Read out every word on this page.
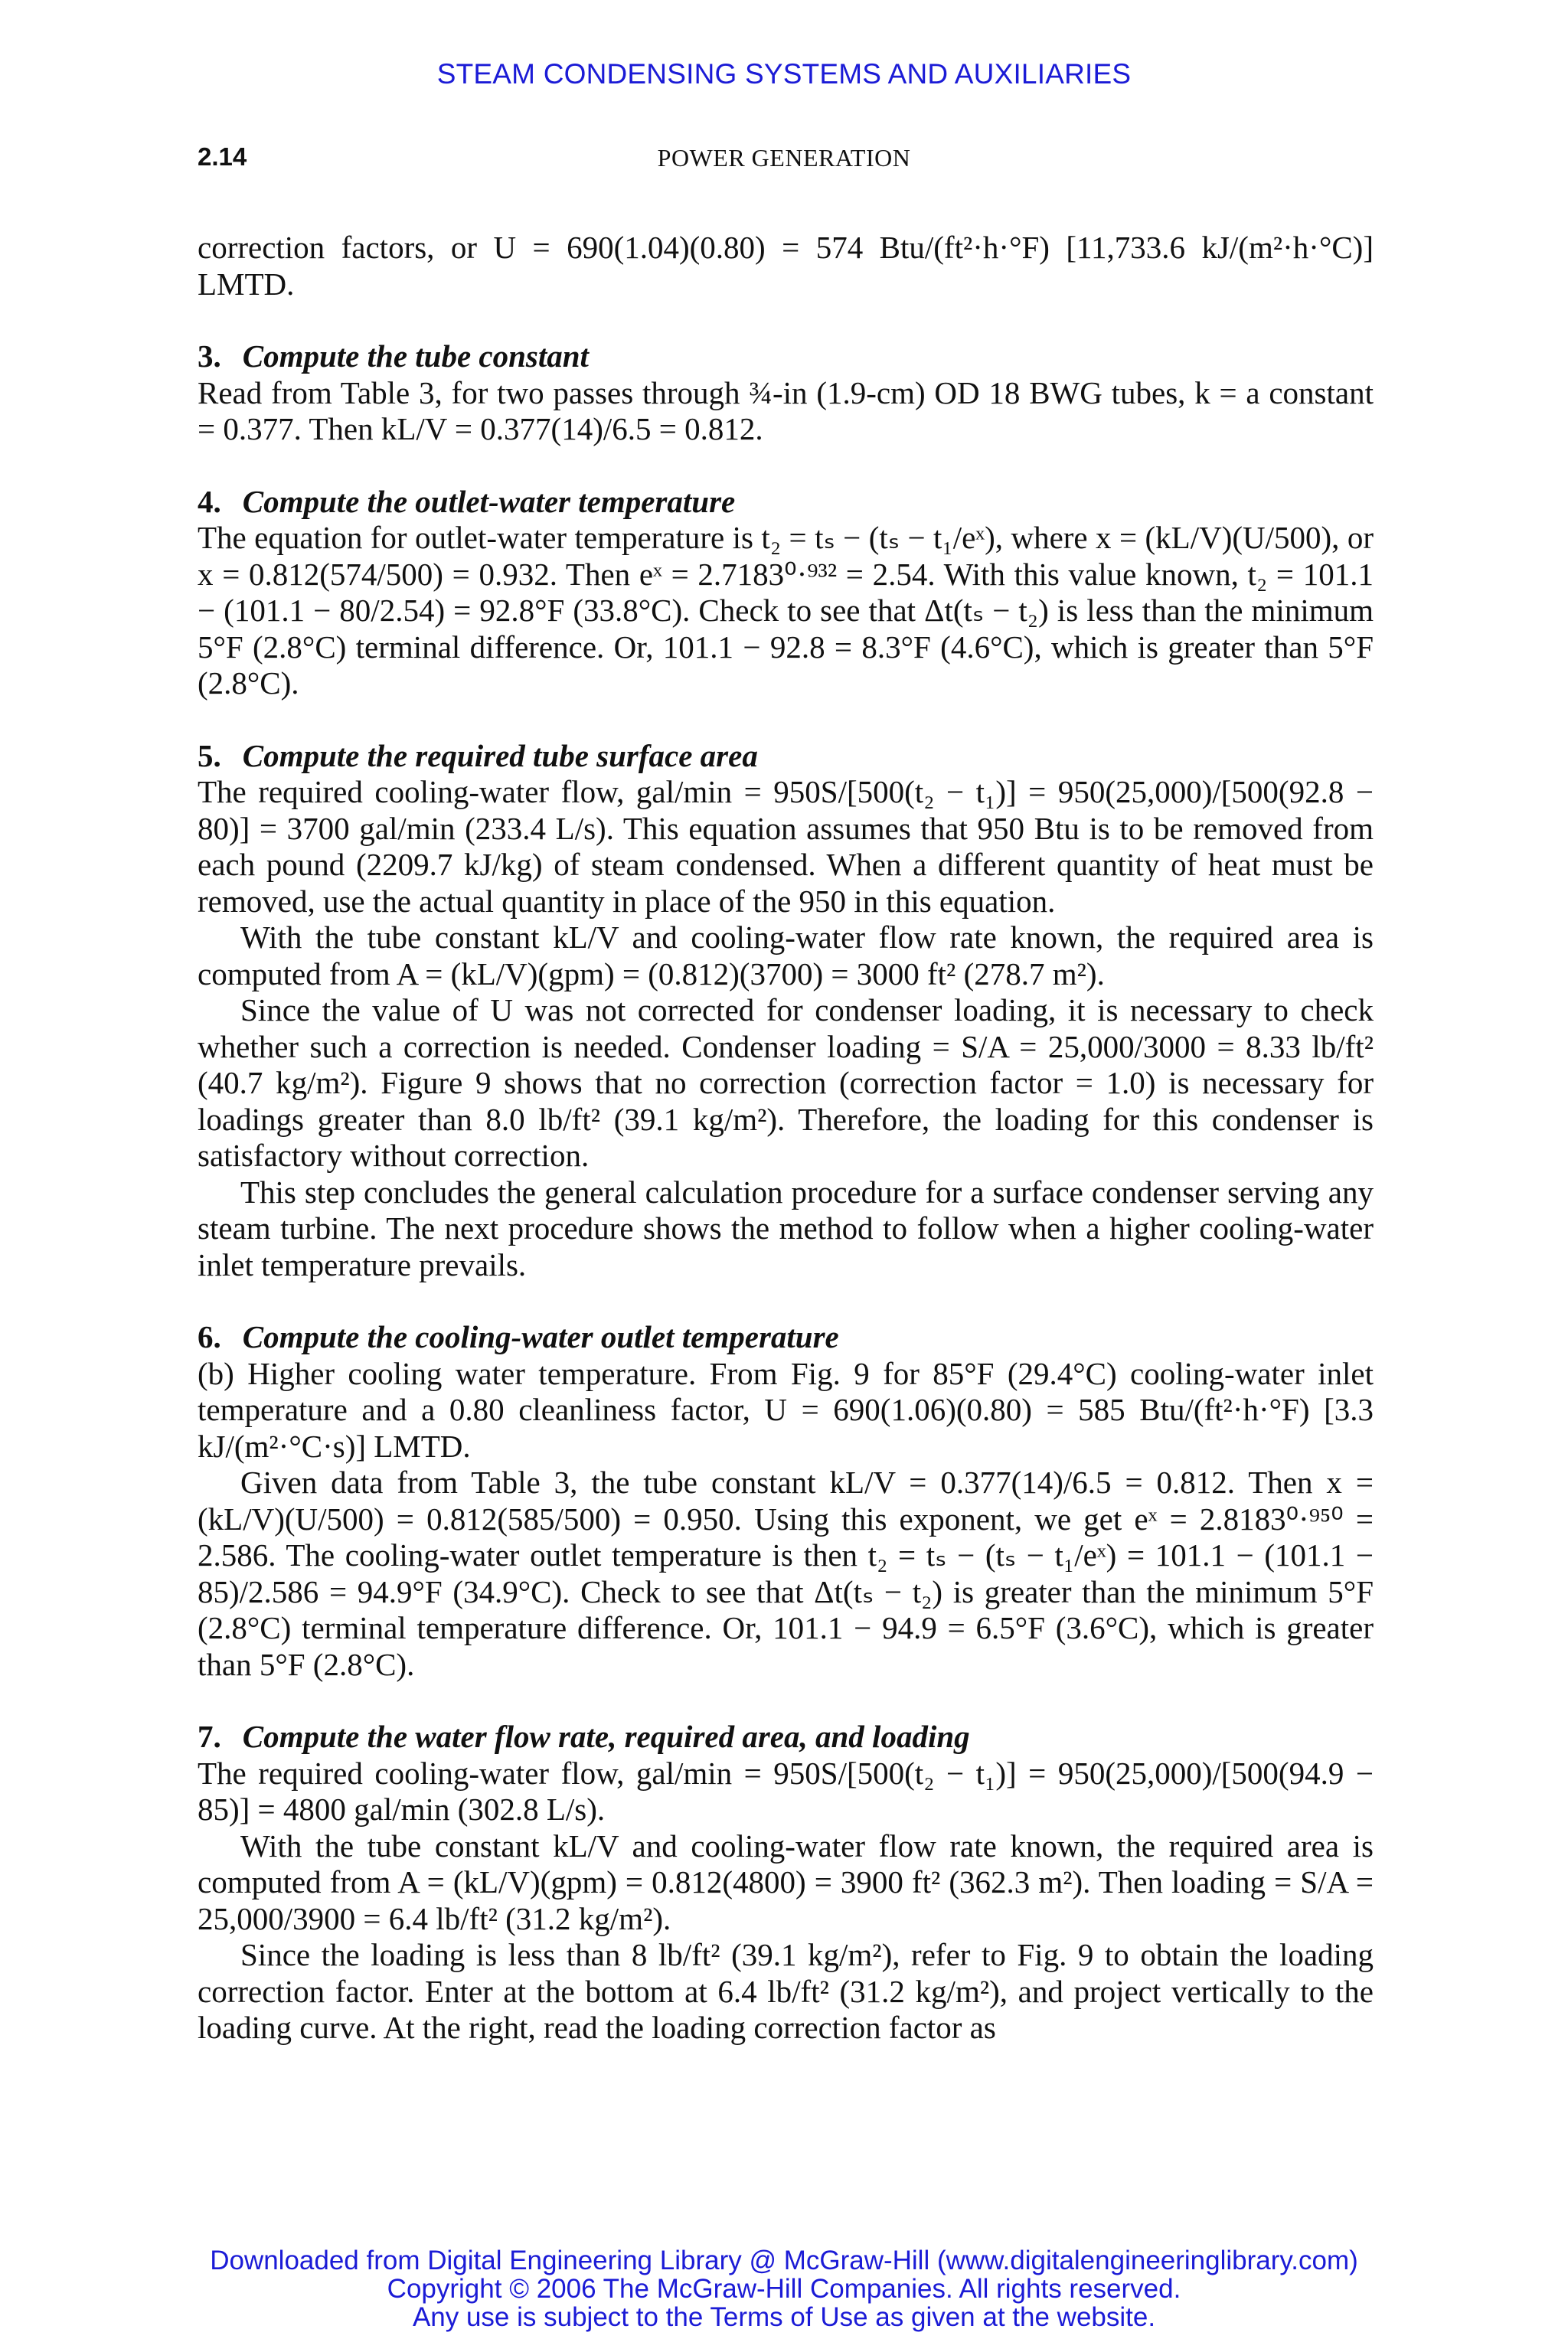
STEAM CONDENSING SYSTEMS AND AUXILIARIES
2.14	POWER GENERATION

correction factors, or U = 690(1.04)(0.80) = 574 Btu/(ft²·h·°F) [11,733.6 kJ/(m²·h·°C)] LMTD.

3. Compute the tube constant

Read from Table 3, for two passes through ¾-in (1.9-cm) OD 18 BWG tubes, k = a constant = 0.377. Then kL/V = 0.377(14)/6.5 = 0.812.

4. Compute the outlet-water temperature

The equation for outlet-water temperature is t₂ = tₛ − (tₛ − t₁/eˣ), where x = (kL/V)(U/500), or x = 0.812(574/500) = 0.932. Then eˣ = 2.7183⁰·⁹³² = 2.54. With this value known, t₂ = 101.1 − (101.1 − 80/2.54) = 92.8°F (33.8°C). Check to see that Δt(tₛ − t₂) is less than the minimum 5°F (2.8°C) terminal difference. Or, 101.1 − 92.8 = 8.3°F (4.6°C), which is greater than 5°F (2.8°C).

5. Compute the required tube surface area

The required cooling-water flow, gal/min = 950S/[500(t₂ − t₁)] = 950(25,000)/[500(92.8 − 80)] = 3700 gal/min (233.4 L/s). This equation assumes that 950 Btu is to be removed from each pound (2209.7 kJ/kg) of steam condensed. When a different quantity of heat must be removed, use the actual quantity in place of the 950 in this equation.

With the tube constant kL/V and cooling-water flow rate known, the required area is computed from A = (kL/V)(gpm) = (0.812)(3700) = 3000 ft² (278.7 m²).

Since the value of U was not corrected for condenser loading, it is necessary to check whether such a correction is needed. Condenser loading = S/A = 25,000/3000 = 8.33 lb/ft² (40.7 kg/m²). Figure 9 shows that no correction (correction factor = 1.0) is necessary for loadings greater than 8.0 lb/ft² (39.1 kg/m²). Therefore, the loading for this condenser is satisfactory without correction.

This step concludes the general calculation procedure for a surface condenser serving any steam turbine. The next procedure shows the method to follow when a higher cooling-water inlet temperature prevails.

6. Compute the cooling-water outlet temperature

(b) Higher cooling water temperature. From Fig. 9 for 85°F (29.4°C) cooling-water inlet temperature and a 0.80 cleanliness factor, U = 690(1.06)(0.80) = 585 Btu/(ft²·h·°F) [3.3 kJ/(m²·°C·s)] LMTD.

Given data from Table 3, the tube constant kL/V = 0.377(14)/6.5 = 0.812. Then x = (kL/V)(U/500) = 0.812(585/500) = 0.950. Using this exponent, we get eˣ = 2.8183⁰·⁹⁵⁰ = 2.586. The cooling-water outlet temperature is then t₂ = tₛ − (tₛ − t₁/eˣ) = 101.1 − (101.1 − 85)/2.586 = 94.9°F (34.9°C). Check to see that Δt(tₛ − t₂) is greater than the minimum 5°F (2.8°C) terminal temperature difference. Or, 101.1 − 94.9 = 6.5°F (3.6°C), which is greater than 5°F (2.8°C).

7. Compute the water flow rate, required area, and loading

The required cooling-water flow, gal/min = 950S/[500(t₂ − t₁)] = 950(25,000)/[500(94.9 − 85)] = 4800 gal/min (302.8 L/s).

With the tube constant kL/V and cooling-water flow rate known, the required area is computed from A = (kL/V)(gpm) = 0.812(4800) = 3900 ft² (362.3 m²). Then loading = S/A = 25,000/3900 = 6.4 lb/ft² (31.2 kg/m²).

Since the loading is less than 8 lb/ft² (39.1 kg/m²), refer to Fig. 9 to obtain the loading correction factor. Enter at the bottom at 6.4 lb/ft² (31.2 kg/m²), and project vertically to the loading curve. At the right, read the loading correction factor as

Downloaded from Digital Engineering Library @ McGraw-Hill (www.digitalengineeringlibrary.com)
Copyright © 2006 The McGraw-Hill Companies. All rights reserved.
Any use is subject to the Terms of Use as given at the website.
